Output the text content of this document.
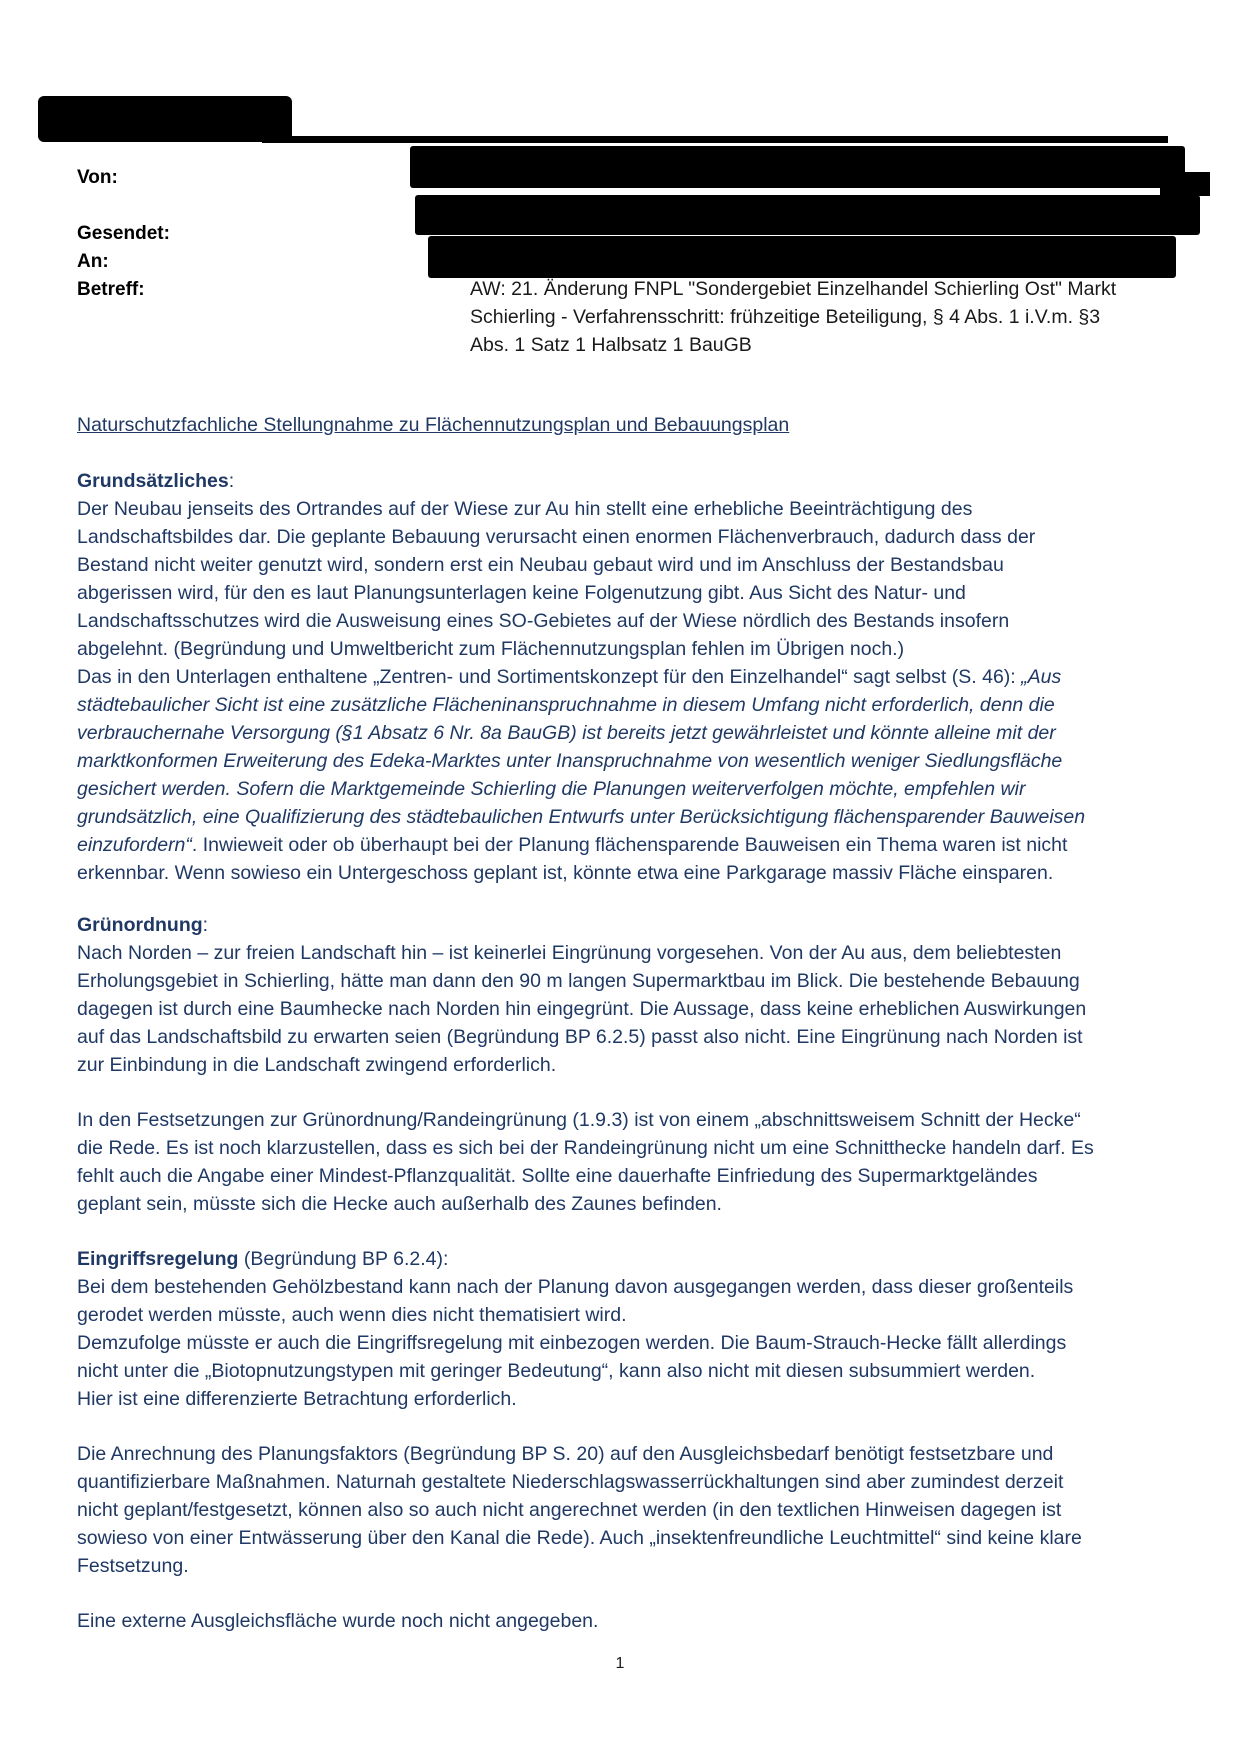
Von:
Gesendet:
An:
Betreff:	AW: 21. Änderung FNPL "Sondergebiet Einzelhandel Schierling Ost" Markt
Schierling - Verfahrensschritt: frühzeitige Beteiligung, § 4 Abs. 1 i.V.m. §3
Abs. 1 Satz 1 Halbsatz 1 BauGB
Naturschutzfachliche Stellungnahme zu Flächennutzungsplan und Bebauungsplan
Grundsätzliches:
Der Neubau jenseits des Ortrandes auf der Wiese zur Au hin stellt eine erhebliche Beeinträchtigung des
Landschaftsbildes dar. Die geplante Bebauung verursacht einen enormen Flächenverbrauch, dadurch dass der
Bestand nicht weiter genutzt wird, sondern erst ein Neubau gebaut wird und im Anschluss der Bestandsbau
abgerissen wird, für den es laut Planungsunterlagen keine Folgenutzung gibt. Aus Sicht des Natur- und
Landschaftsschutzes wird die Ausweisung eines SO-Gebietes auf der Wiese nördlich des Bestands insofern
abgelehnt. (Begründung und Umweltbericht zum Flächennutzungsplan fehlen im Übrigen noch.)
Das in den Unterlagen enthaltene „Zentren- und Sortimentskonzept für den Einzelhandel“ sagt selbst (S. 46): „Aus
städtebaulicher Sicht ist eine zusätzliche Flächeninanspruchnahme in diesem Umfang nicht erforderlich, denn die
verbrauchernahe Versorgung (§1 Absatz 6 Nr. 8a BauGB) ist bereits jetzt gewährleistet und könnte alleine mit der
marktkonformen Erweiterung des Edeka-Marktes unter Inanspruchnahme von wesentlich weniger Siedlungsfläche
gesichert werden. Sofern die Marktgemeinde Schierling die Planungen weiterverfolgen möchte, empfehlen wir
grundsätzlich, eine Qualifizierung des städtebaulichen Entwurfs unter Berücksichtigung flächensparender Bauweisen
einzufordern“. Inwieweit oder ob überhaupt bei der Planung flächensparende Bauweisen ein Thema waren ist nicht
erkennbar. Wenn sowieso ein Untergeschoss geplant ist, könnte etwa eine Parkgarage massiv Fläche einsparen.
Grünordnung:
Nach Norden – zur freien Landschaft hin – ist keinerlei Eingrünung vorgesehen. Von der Au aus, dem beliebtesten
Erholungsgebiet in Schierling, hätte man dann den 90 m langen Supermarktbau im Blick. Die bestehende Bebauung
dagegen ist durch eine Baumhecke nach Norden hin eingegrünt. Die Aussage, dass keine erheblichen Auswirkungen
auf das Landschaftsbild zu erwarten seien (Begründung BP 6.2.5) passt also nicht. Eine Eingrünung nach Norden ist
zur Einbindung in die Landschaft zwingend erforderlich.
In den Festsetzungen zur Grünordnung/Randeingrünung (1.9.3) ist von einem „abschnittsweisem Schnitt der Hecke“
die Rede. Es ist noch klarzustellen, dass es sich bei der Randeingrünung nicht um eine Schnitthecke handeln darf. Es
fehlt auch die Angabe einer Mindest-Pflanzqualität. Sollte eine dauerhafte Einfriedung des Supermarktgeländes
geplant sein, müsste sich die Hecke auch außerhalb des Zaunes befinden.
Eingriffsregelung (Begründung BP 6.2.4):
Bei dem bestehenden Gehölzbestand kann nach der Planung davon ausgegangen werden, dass dieser großenteils
gerodet werden müsste, auch wenn dies nicht thematisiert wird.
Demzufolge müsste er auch die Eingriffsregelung mit einbezogen werden. Die Baum-Strauch-Hecke fällt allerdings
nicht unter die „Biotopnutzungstypen mit geringer Bedeutung“, kann also nicht mit diesen subsummiert werden.
Hier ist eine differenzierte Betrachtung erforderlich.
Die Anrechnung des Planungsfaktors (Begründung BP S. 20) auf den Ausgleichsbedarf benötigt festsetzbare und
quantifizierbare Maßnahmen. Naturnah gestaltete Niederschlagswasserrückhaltungen sind aber zumindest derzeit
nicht geplant/festgesetzt, können also so auch nicht angerechnet werden (in den textlichen Hinweisen dagegen ist
sowieso von einer Entwässerung über den Kanal die Rede). Auch „insektenfreundliche Leuchtmittel“ sind keine klare
Festsetzung.
Eine externe Ausgleichsfläche wurde noch nicht angegeben.
1
